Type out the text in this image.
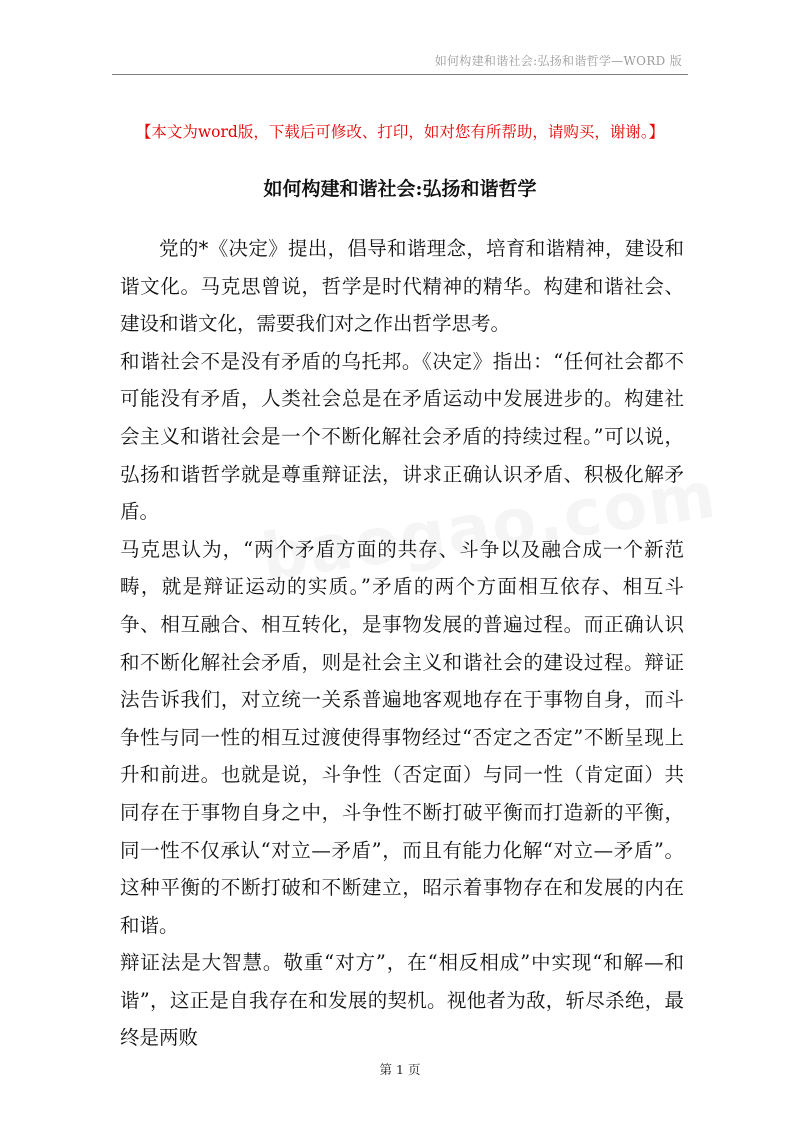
如何构建和谐社会:弘扬和谐哲学—WORD 版
【本文为word版，下载后可修改、打印，如对您有所帮助，请购买，谢谢。】
如何构建和谐社会:弘扬和谐哲学

党的*《决定》提出，倡导和谐理念，培育和谐精神，建设和谐文化。马克思曾说，哲学是时代精神的精华。构建和谐社会、建设和谐文化，需要我们对之作出哲学思考。

和谐社会不是没有矛盾的乌托邦。《决定》指出：“任何社会都不可能没有矛盾，人类社会总是在矛盾运动中发展进步的。构建社会主义和谐社会是一个不断化解社会矛盾的持续过程。”可以说，弘扬和谐哲学就是尊重辩证法，讲求正确认识矛盾、积极化解矛盾。

马克思认为，“两个矛盾方面的共存、斗争以及融合成一个新范畴，就是辩证运动的实质。”矛盾的两个方面相互依存、相互斗争、相互融合、相互转化，是事物发展的普遍过程。而正确认识和不断化解社会矛盾，则是社会主义和谐社会的建设过程。辩证法告诉我们，对立统一关系普遍地客观地存在于事物自身，而斗争性与同一性的相互过渡使得事物经过“否定之否定”不断呈现上升和前进。也就是说，斗争性（否定面）与同一性（肯定面）共同存在于事物自身之中，斗争性不断打破平衡而打造新的平衡，同一性不仅承认“对立—矛盾”，而且有能力化解“对立—矛盾”。这种平衡的不断打破和不断建立，昭示着事物存在和发展的内在和谐。

辩证法是大智慧。敬重“对方”，在“相反相成”中实现“和解—和谐”，这正是自我存在和发展的契机。视他者为敌，斩尽杀绝，最终是两败

第 1 页
